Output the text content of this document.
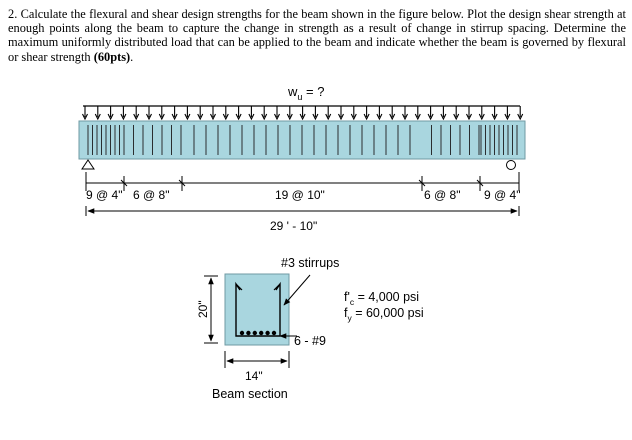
2. Calculate the flexural and shear design strengths for the beam shown in the figure below. Plot the design shear strength at enough points along the beam to capture the change in strength as a result of change in stirrup spacing. Determine the maximum uniformly distributed load that can be applied to the beam and indicate whether the beam is governed by flexural or shear strength (60pts).

$w_u$ = ?
9 @ 4" 6 @ 8"	19 @ 10"	6 @ 8" 9 @ 4"
29 ' - 10"
#3 stirrups
6 - #9
20"
14"
Beam section
$f'_c = 4,000$ psi
$f_y = 60,000$ psi
